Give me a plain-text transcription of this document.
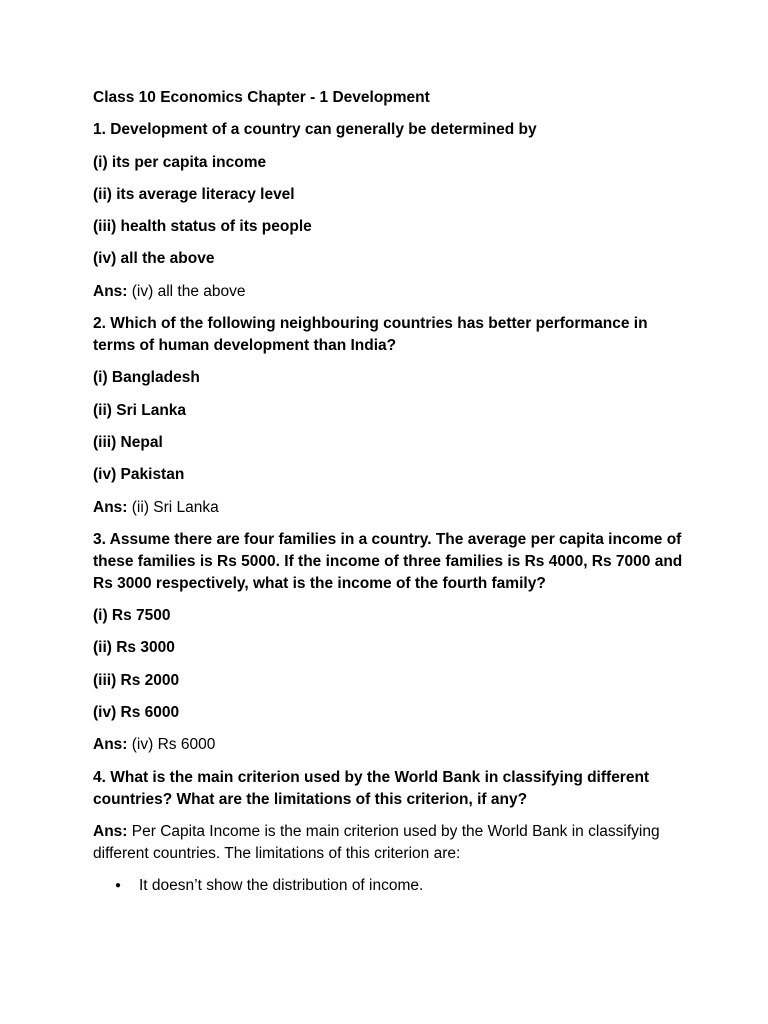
Class 10 Economics Chapter - 1 Development
1. Development of a country can generally be determined by
(i) its per capita income
(ii) its average literacy level
(iii) health status of its people
(iv) all the above
Ans: (iv) all the above
2. Which of the following neighbouring countries has better performance in terms of human development than India?
(i) Bangladesh
(ii) Sri Lanka
(iii) Nepal
(iv) Pakistan
Ans: (ii) Sri Lanka
3. Assume there are four families in a country. The average per capita income of these families is Rs 5000. If the income of three families is Rs 4000, Rs 7000 and Rs 3000 respectively, what is the income of the fourth family?
(i) Rs 7500
(ii) Rs 3000
(iii) Rs 2000
(iv) Rs 6000
Ans: (iv) Rs 6000
4. What is the main criterion used by the World Bank in classifying different countries? What are the limitations of this criterion, if any?
Ans: Per Capita Income is the main criterion used by the World Bank in classifying different countries. The limitations of this criterion are:
● It doesn’t show the distribution of income.
